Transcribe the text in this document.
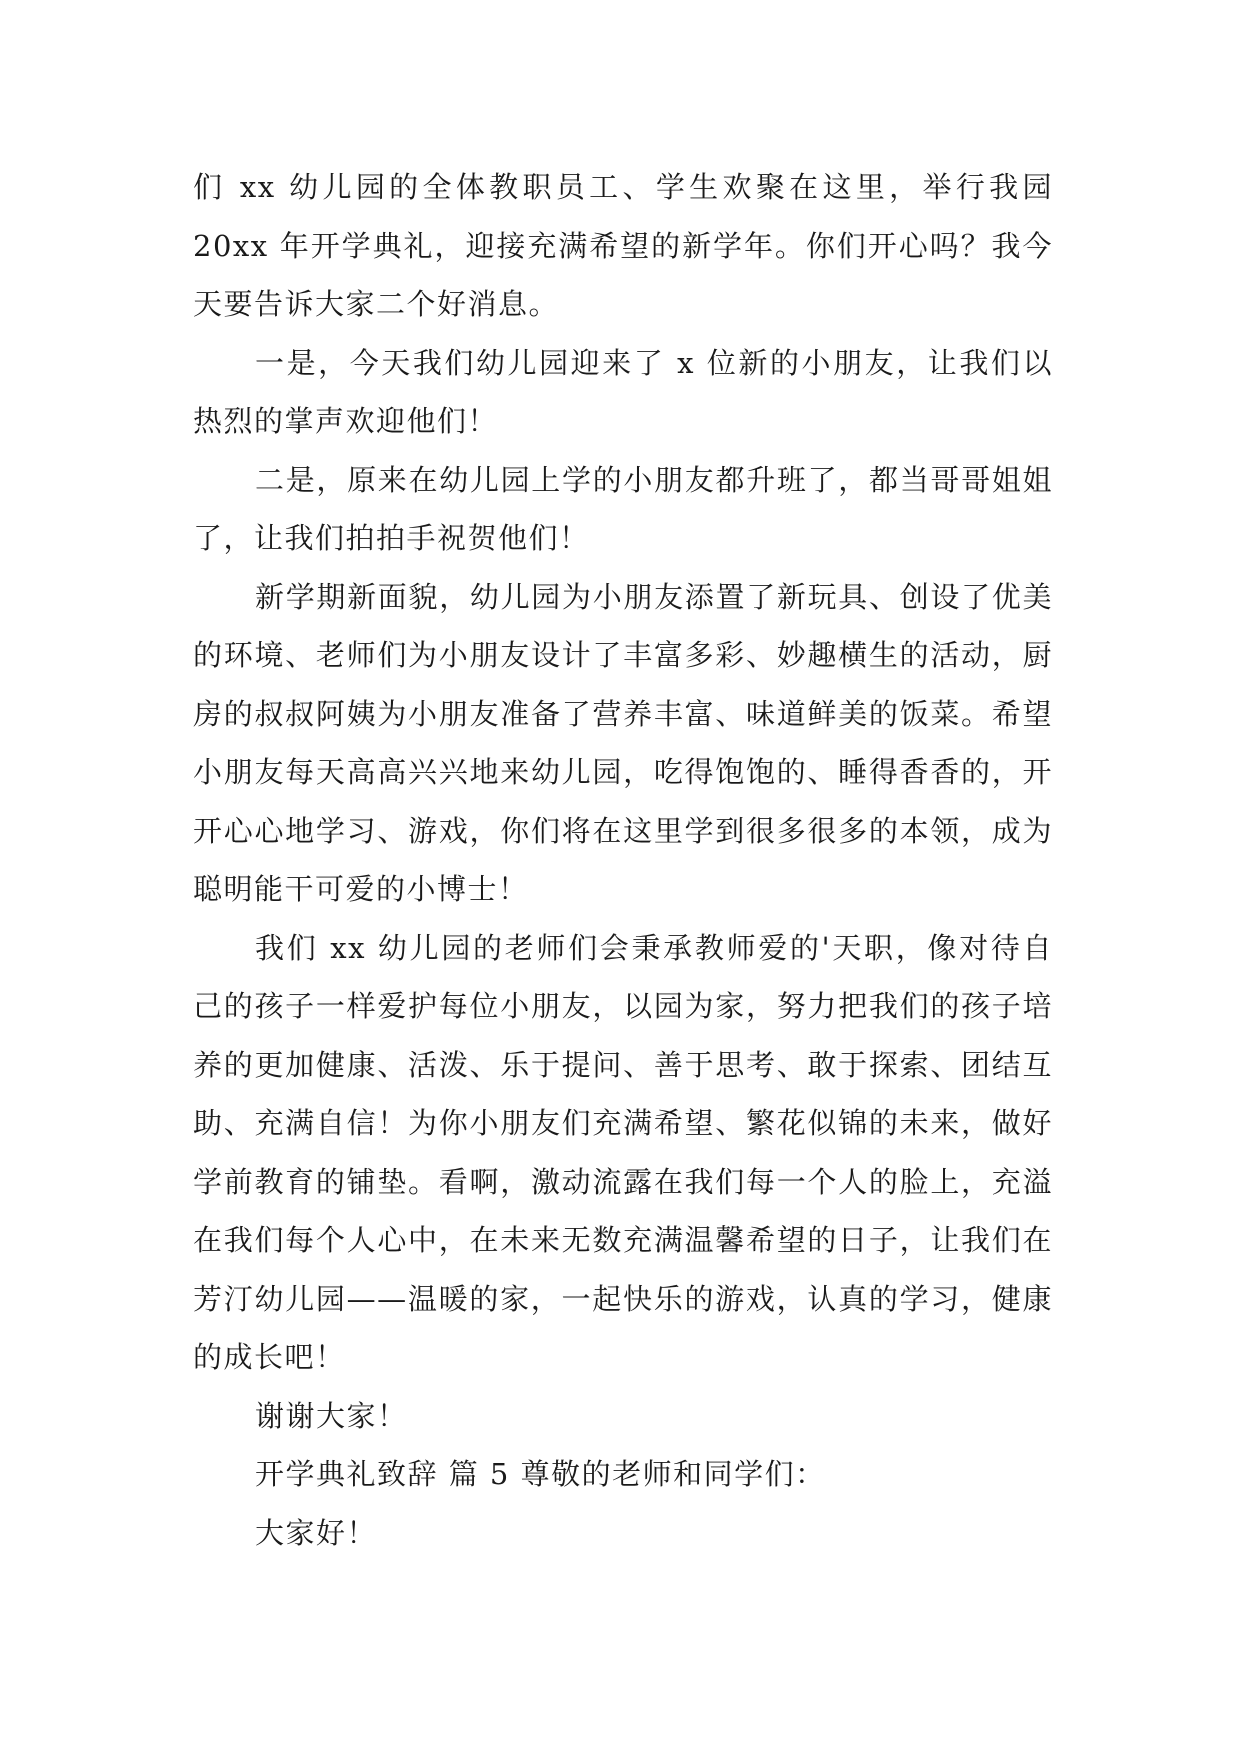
们 xx 幼儿园的全体教职员工、学生欢聚在这里，举行我园 20xx 年开学典礼，迎接充满希望的新学年。你们开心吗？我今天要告诉大家二个好消息。

一是，今天我们幼儿园迎来了 x 位新的小朋友，让我们以热烈的掌声欢迎他们！

二是，原来在幼儿园上学的小朋友都升班了，都当哥哥姐姐了，让我们拍拍手祝贺他们！

新学期新面貌，幼儿园为小朋友添置了新玩具、创设了优美的环境、老师们为小朋友设计了丰富多彩、妙趣横生的活动，厨房的叔叔阿姨为小朋友准备了营养丰富、味道鲜美的饭菜。希望小朋友每天高高兴兴地来幼儿园，吃得饱饱的、睡得香香的，开开心心地学习、游戏，你们将在这里学到很多很多的本领，成为聪明能干可爱的小博士！

我们 xx 幼儿园的老师们会秉承教师爱的'天职，像对待自己的孩子一样爱护每位小朋友，以园为家，努力把我们的孩子培养的更加健康、活泼、乐于提问、善于思考、敢于探索、团结互助、充满自信！为你小朋友们充满希望、繁花似锦的未来，做好学前教育的铺垫。看啊，激动流露在我们每一个人的脸上，充溢在我们每个人心中，在未来无数充满温馨希望的日子，让我们在芳汀幼儿园——温暖的家，一起快乐的游戏，认真的学习，健康的成长吧！

谢谢大家！

开学典礼致辞 篇 5 尊敬的老师和同学们：

大家好！
